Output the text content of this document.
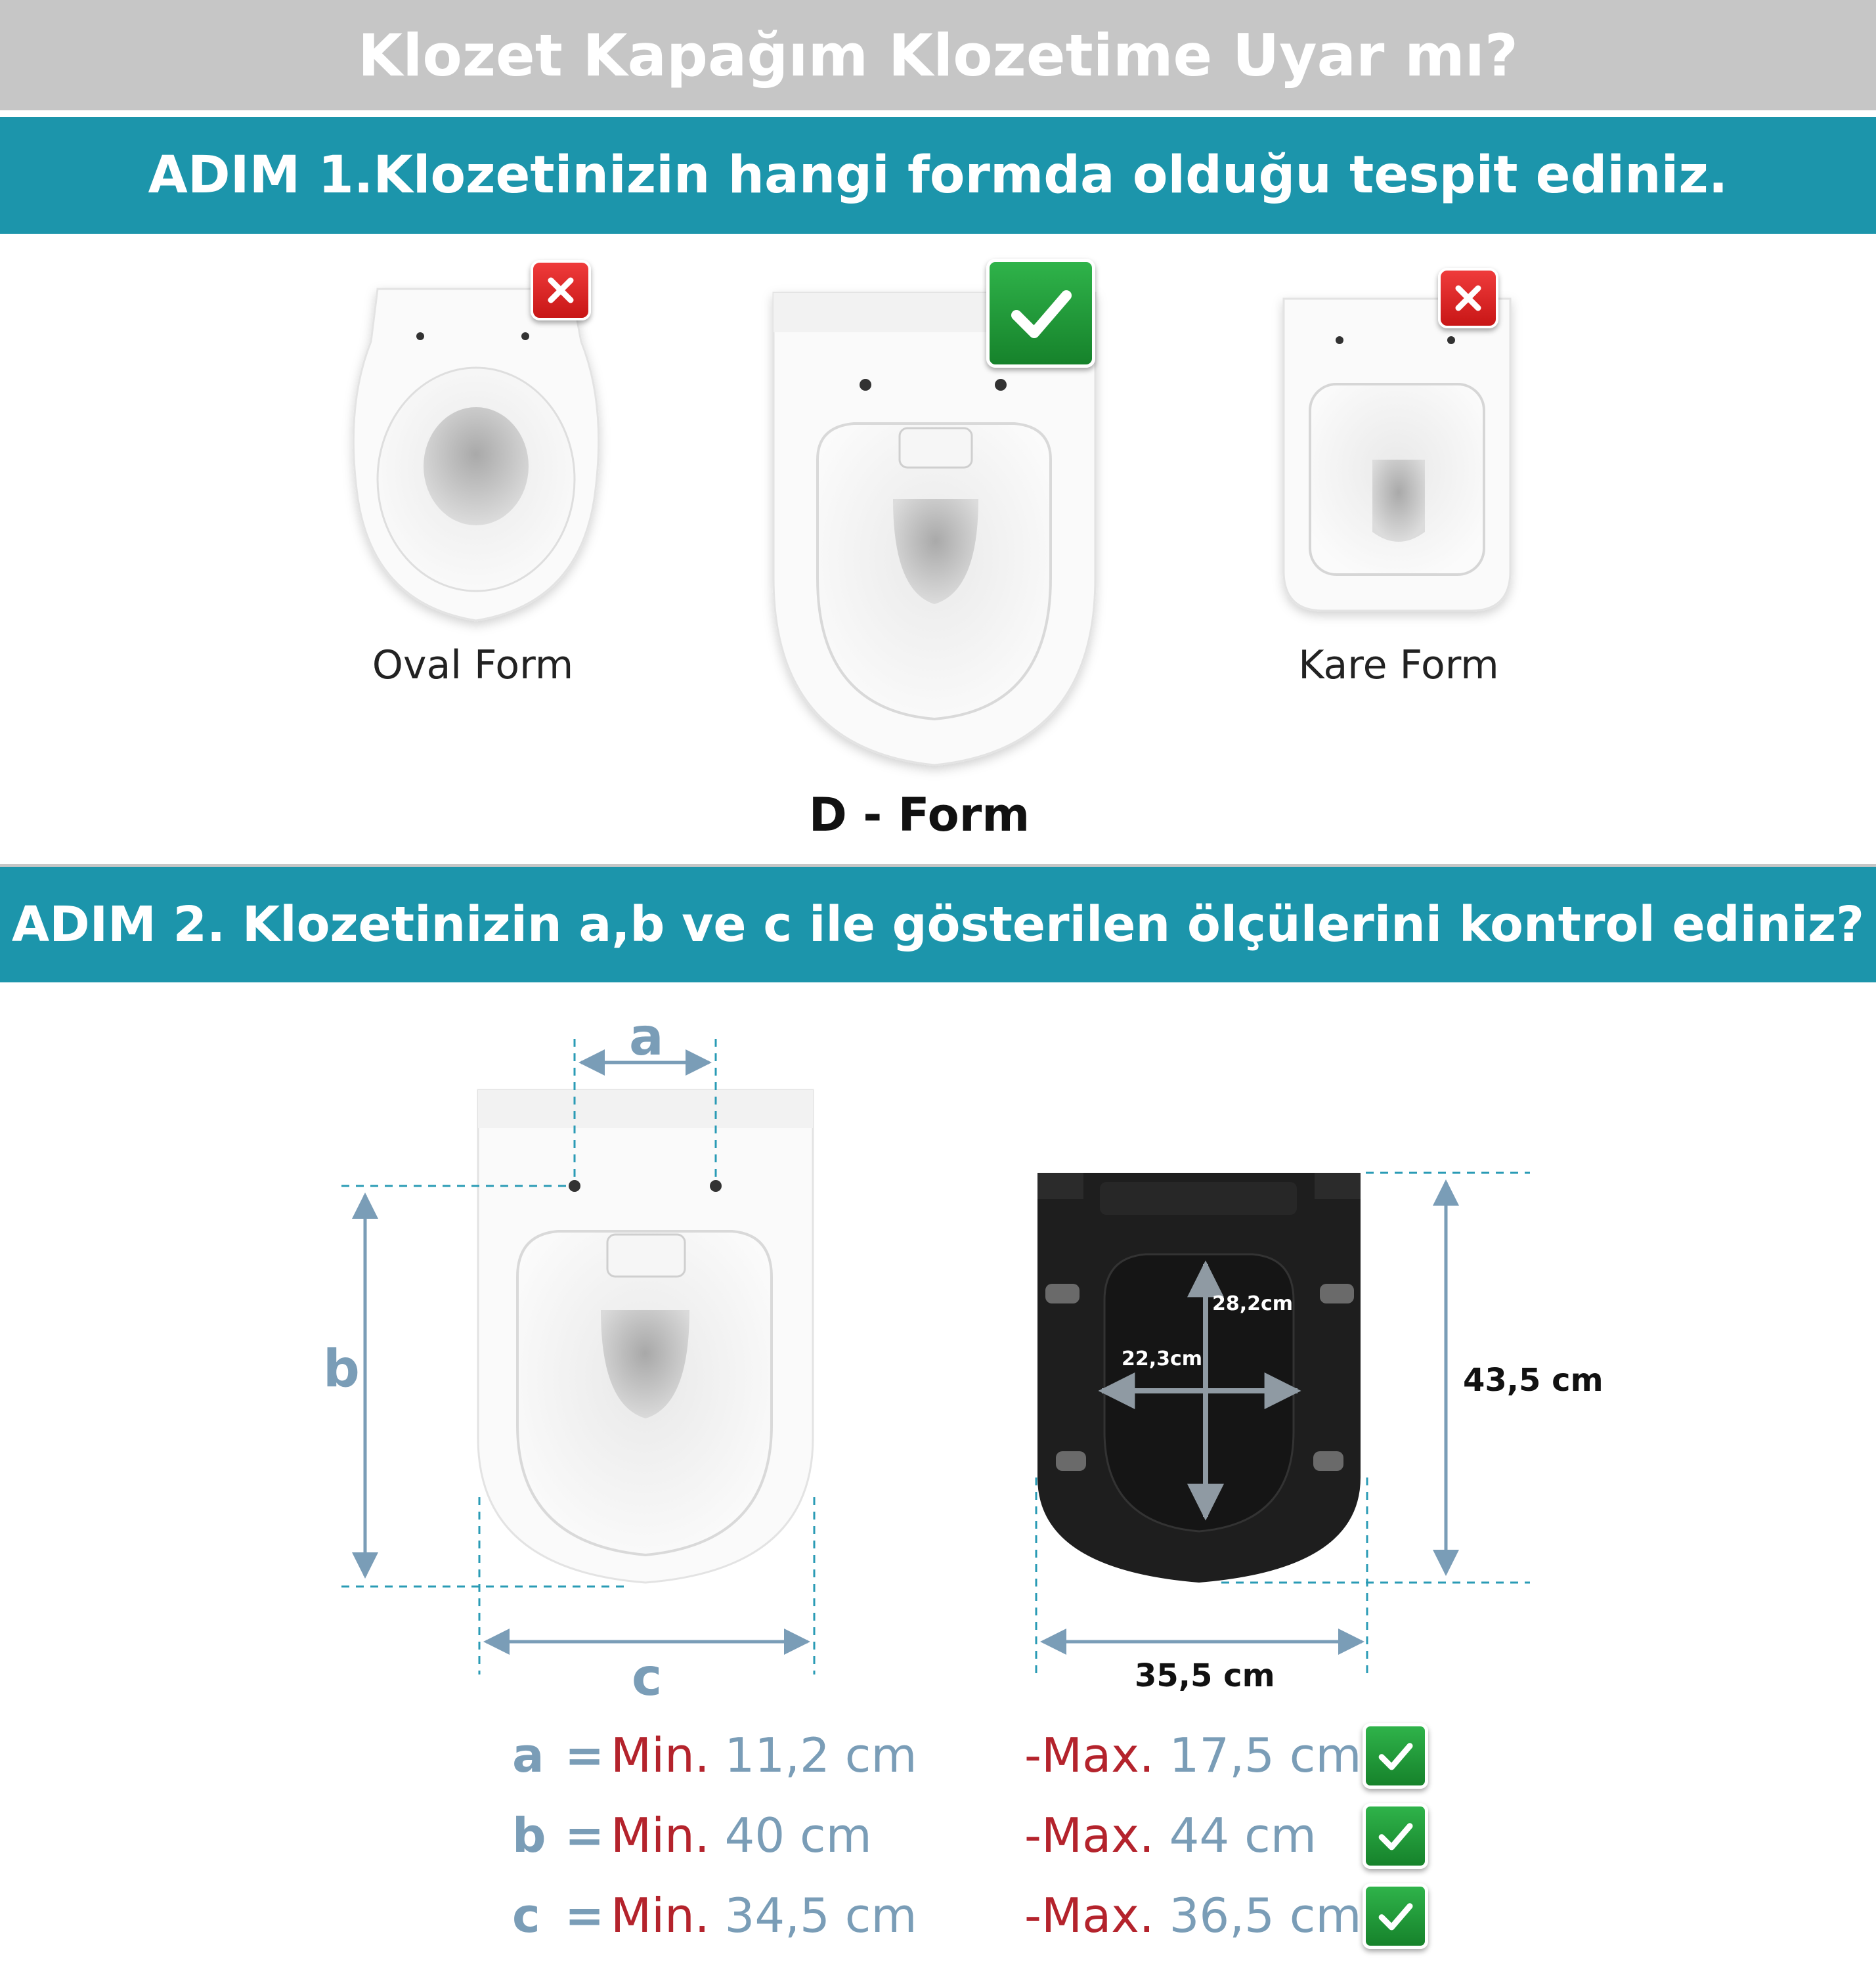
Klozet Kapağım Klozetime Uyar mı?
ADIM 1.Klozetinizin hangi formda olduğu tespit ediniz.
Oval Form
D - Form
Kare Form
ADIM 2. Klozetinizin a,b ve c ile gösterilen ölçülerini kontrol ediniz?
a
b
c
28,2cm
22,3cm
43,5 cm
35,5 cm
a = Min.
11,2 cm -Max.
17,5 cm
b = Min.
40 cm	-Max.
44 cm
c = Min.
34,5 cm -Max.
36,5 cm
